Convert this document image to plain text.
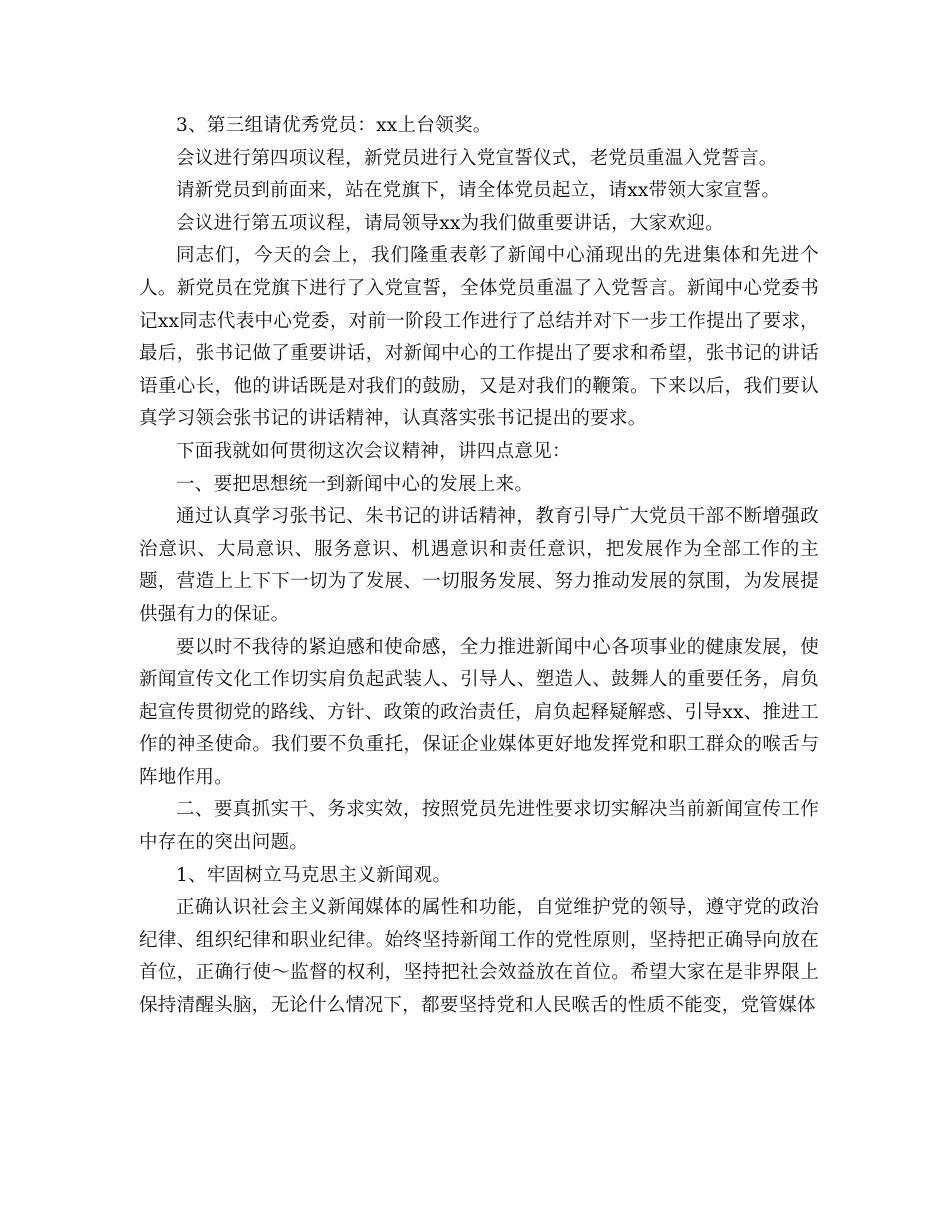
3、第三组请优秀党员：xx上台领奖。

会议进行第四项议程，新党员进行入党宣誓仪式，老党员重温入党誓言。

请新党员到前面来，站在党旗下，请全体党员起立，请xx带领大家宣誓。

会议进行第五项议程，请局领导xx为我们做重要讲话，大家欢迎。

同志们，今天的会上，我们隆重表彰了新闻中心涌现出的先进集体和先进个人。新党员在党旗下进行了入党宣誓，全体党员重温了入党誓言。新闻中心党委书记xx同志代表中心党委，对前一阶段工作进行了总结并对下一步工作提出了要求，最后，张书记做了重要讲话，对新闻中心的工作提出了要求和希望，张书记的讲话语重心长，他的讲话既是对我们的鼓励，又是对我们的鞭策。下来以后，我们要认真学习领会张书记的讲话精神，认真落实张书记提出的要求。

下面我就如何贯彻这次会议精神，讲四点意见：

一、要把思想统一到新闻中心的发展上来。

通过认真学习张书记、朱书记的讲话精神，教育引导广大党员干部不断增强政治意识、大局意识、服务意识、机遇意识和责任意识，把发展作为全部工作的主题，营造上上下下一切为了发展、一切服务发展、努力推动发展的氛围，为发展提供强有力的保证。

要以时不我待的紧迫感和使命感，全力推进新闻中心各项事业的健康发展，使新闻宣传文化工作切实肩负起武装人、引导人、塑造人、鼓舞人的重要任务，肩负起宣传贯彻党的路线、方针、政策的政治责任，肩负起释疑解惑、引导xx、推进工作的神圣使命。我们要不负重托，保证企业媒体更好地发挥党和职工群众的喉舌与阵地作用。

二、要真抓实干、务求实效，按照党员先进性要求切实解决当前新闻宣传工作中存在的突出问题。

1、牢固树立马克思主义新闻观。

正确认识社会主义新闻媒体的属性和功能，自觉维护党的领导，遵守党的政治纪律、组织纪律和职业纪律。始终坚持新闻工作的党性原则，坚持把正确导向放在首位，正确行使～监督的权利，坚持把社会效益放在首位。希望大家在是非界限上保持清醒头脑，无论什么情况下，都要坚持党和人民喉舌的性质不能变，党管媒体
